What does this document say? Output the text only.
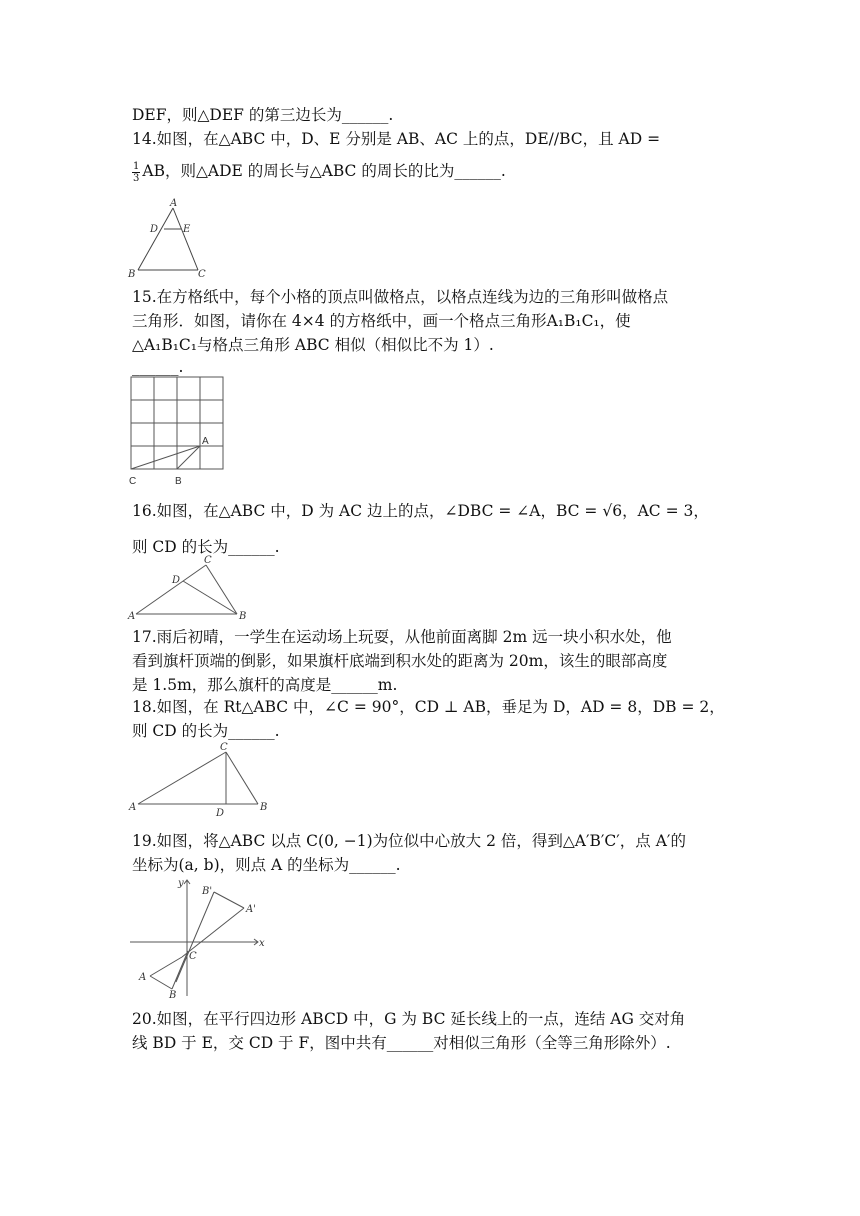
DEF，则△DEF 的第三边长为______.
14.如图，在△ABC 中，D、E 分别是 AB、AC 上的点，DE//BC，且 AD =
$\frac{1}{3}$ AB，则△ADE 的周长与△ABC 的周长的比为______.
A
D E
B	C
15.在方格纸中，每个小格的顶点叫做格点，以格点连线为边的三角形叫做格点
三角形．如图，请你在 4×4 的方格纸中，画一个格点三角形A₁B₁C₁，使
△A₁B₁C₁与格点三角形 ABC 相似（相似比不为 1）.
______.
A
C	B
16.如图，在△ABC 中，D 为 AC 边上的点，∠DBC = ∠A，BC = √6，AC = 3，
则 CD 的长为______.
C
D
A	B
17.雨后初晴，一学生在运动场上玩耍，从他前面离脚 2m 远一块小积水处，他
看到旗杆顶端的倒影，如果旗杆底端到积水处的距离为 20m，该生的眼部高度
是 1.5m，那么旗杆的高度是______m.
18.如图，在 Rt△ABC 中，∠C = 90°，CD ⊥ AB，垂足为 D，AD = 8，DB = 2，
则 CD 的长为______.
C
A	B
D
19.如图，将△ABC 以点 C(0, −1)为位似中心放大 2 倍，得到△A′B′C′，点 A′的
坐标为(a, b)，则点 A 的坐标为______.
y
x
B'
A'
C
A
B
20.如图，在平行四边形 ABCD 中，G 为 BC 延长线上的一点，连结 AG 交对角
线 BD 于 E，交 CD 于 F，图中共有______对相似三角形（全等三角形除外）.
